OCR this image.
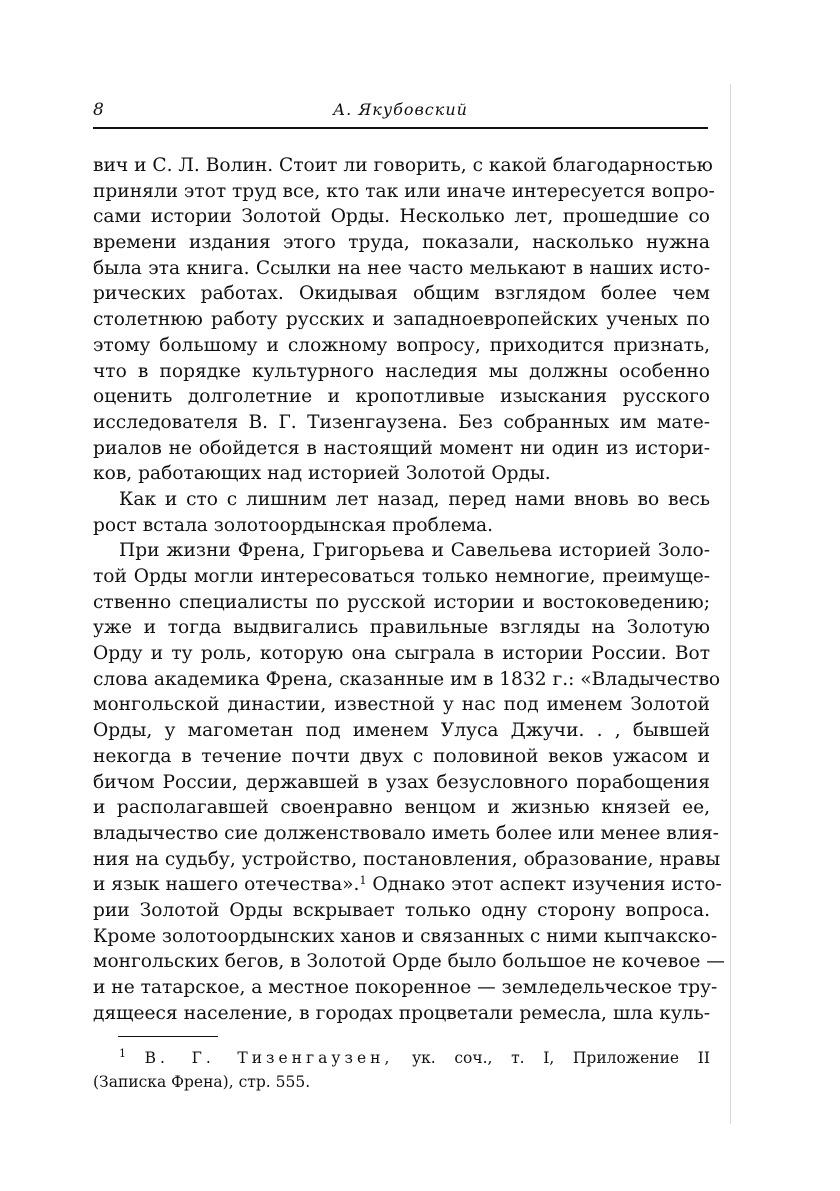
8	А. Якубовский
вич и С. Л. Волин. Стоит ли говорить, с какой благодарностью
приняли этот труд все, кто так или иначе интересуется вопро-
сами истории Золотой Орды. Несколько лет, прошедшие со
времени издания этого труда, показали, насколько нужна
была эта книга. Ссылки на нее часто мелькают в наших исто-
рических работах. Окидывая общим взглядом более чем
столетнюю работу русских и западноевропейских ученых по
этому большому и сложному вопросу, приходится признать,
что в порядке культурного наследия мы должны особенно
оценить долголетние и кропотливые изыскания русского
исследователя В. Г. Тизенгаузена. Без собранных им мате-
риалов не обойдется в настоящий момент ни один из истори-
ков, работающих над историей Золотой Орды.
Как и сто с лишним лет назад, перед нами вновь во весь
рост встала золотоордынская проблема.
При жизни Френа, Григорьева и Савельева историей Золо-
той Орды могли интересоваться только немногие, преимуще-
ственно специалисты по русской истории и востоковедению;
уже и тогда выдвигались правильные взгляды на Золотую
Орду и ту роль, которую она сыграла в истории России. Вот
слова академика Френа, сказанные им в 1832 г.: «Владычество
монгольской династии, известной у нас под именем Золотой
Орды, у магометан под именем Улуса Джучи. . , бывшей
некогда в течение почти двух с половиной веков ужасом и
бичом России, державшей в узах безусловного порабощения
и располагавшей своенравно венцом и жизнью князей ее,
владычество сие долженствовало иметь более или менее влия-
ния на судьбу, устройство, постановления, образование, нравы
и язык нашего отечества».$^1$ Однако этот аспект изучения исто-
рии Золотой Орды вскрывает только одну сторону вопроса.
Кроме золотоордынских ханов и связанных с ними кыпчакско-
монгольских бегов, в Золотой Орде было большое не кочевое —
и не татарское, а местное покоренное — земледельческое тру-
дящееся население, в городах процветали ремесла, шла куль-
$^1$ В. Г. Тизенгаузен, ук. соч., т. I, Приложение II
(Записка Френа), стр. 555.
